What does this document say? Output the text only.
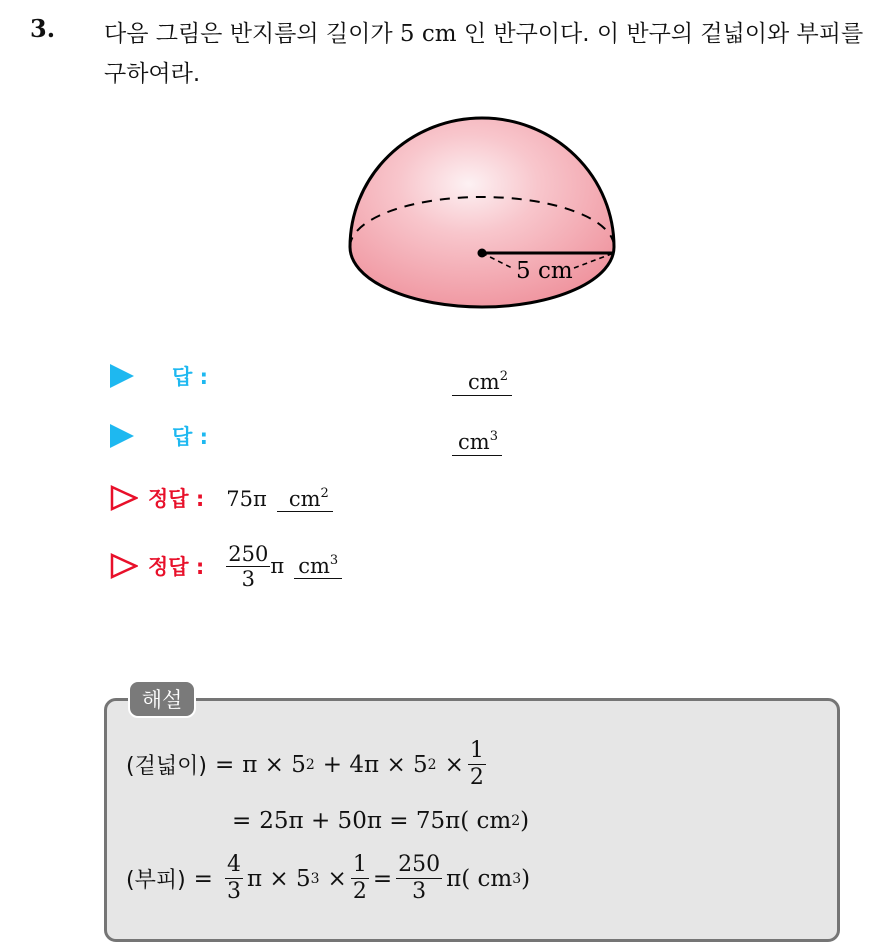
3. 다음 그림은 반지름의 길이가 5 cm 인 반구이다. 이 반구의 겉넓이와 부피를 구하여라.
5 cm
답 :	$cm^2$
답 :	$cm^3$
정답 : 75π $cm^2$
정답 : $\frac{250}{3}$ π $cm^3$
해설
(겉넓이) = π × 5 2 + 4π × 5 $2 \times \frac{1}{2}$
= 25π + 50π = 75π( cm 2 )
(부피) = $\frac{4}{3}$ π × 5 $3 \times \frac{1}{2} = \frac{250}{3} \pi$( cm 3 )
